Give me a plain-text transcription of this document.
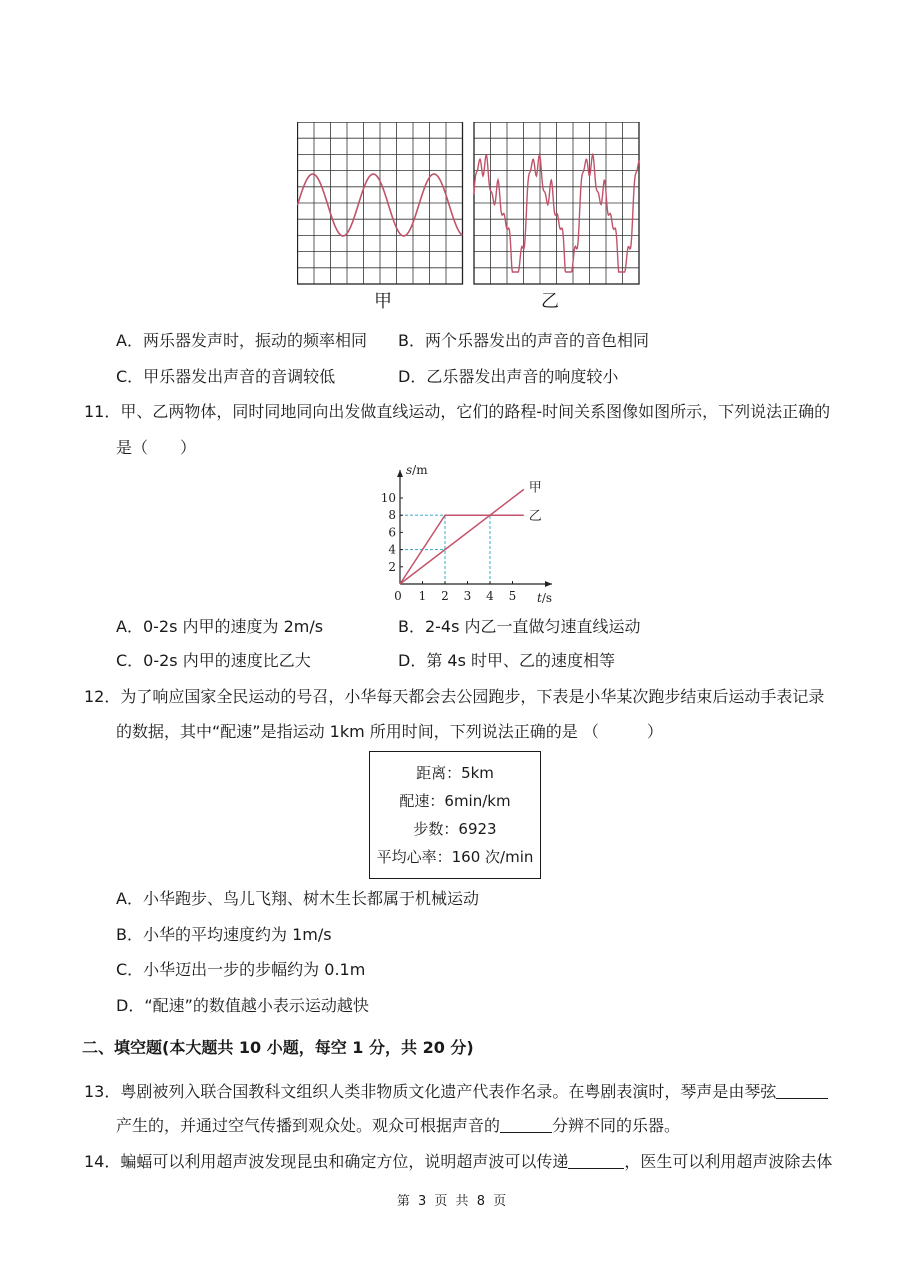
甲	乙
A．两乐器发声时，振动的频率相同 B．两个乐器发出的声音的音色相同
C．甲乐器发出声音的音调较低	D．乙乐器发出声音的响度较小
11．甲、乙两物体，同时同地同向出发做直线运动，它们的路程-时间关系图像如图所示，下列说法正确的
是（　　）
0 1 2 3 4 5
2
4
6
8
10
甲
乙
s/m
t/s
A．0-2s 内甲的速度为 2m/s	B．2-4s 内乙一直做匀速直线运动
C．0-2s 内甲的速度比乙大	D．第 4s 时甲、乙的速度相等
12．为了响应国家全民运动的号召，小华每天都会去公园跑步，下表是小华某次跑步结束后运动手表记录
的数据，其中“配速”是指运动 1km 所用时间，下列说法正确的是 （　　　）
距离：5km
配速：6min/km
步数：6923
平均心率：160 次/min
A．小华跑步、鸟儿飞翔、树木生长都属于机械运动
B．小华的平均速度约为 1m/s
C．小华迈出一步的步幅约为 0.1m
D．“配速”的数值越小表示运动越快
二、填空题(本大题共 10 小题，每空 1 分，共 20 分)
13．粤剧被列入联合国教科文组织人类非物质文化遗产代表作名录。在粤剧表演时，琴声是由琴弦
产生的，并通过空气传播到观众处。观众可根据声音的	分辨不同的乐器。
14．蝙蝠可以利用超声波发现昆虫和确定方位，说明超声波可以传递	，医生可以利用超声波除去体
第 3 页 共 8 页
